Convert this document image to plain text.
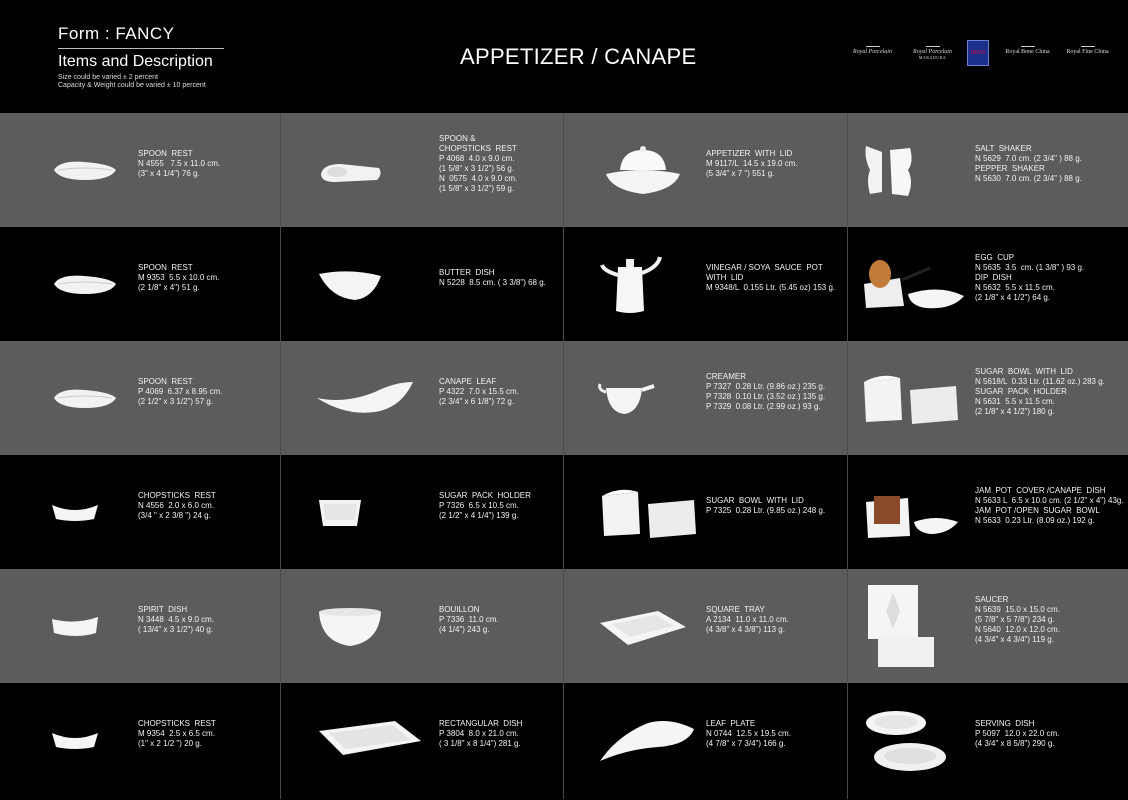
Form : FANCY
Items and Description
Size could be varied ± 2 percent
Capacity & Weight could be varied ± 10 percent
APPETIZER / CANAPE	Royal Porcelain	Royal Porcelain
MARADURA
DEVO	Royal Bone China	Royal Fine China
SPOON  REST
N 4555   7.5 x 11.0 cm.
(3" x 4 1/4") 76 g.
SPOON &
CHOPSTICKS  REST
P 4068  4.0 x 9.0 cm.
(1 5/8" x 3 1/2") 56 g.
N  0575  4.0 x 9.0 cm.
(1 5/8" x 3 1/2") 59 g.
APPETIZER  WITH  LID
M 9117/L  14.5 x 19.0 cm.
(5 3/4" x 7 ") 551 g.
SALT  SHAKER
N 5629  7.0 cm. (2 3/4" ) 88 g.
PEPPER  SHAKER
N 5630  7.0 cm. (2 3/4" ) 88 g.
SPOON  REST
M 9353  5.5 x 10.0 cm.
(2 1/8" x 4") 51 g.
BUTTER  DISH
N 5228  8.5 cm. ( 3 3/8") 68 g.
VINEGAR / SOYA  SAUCE  POT
WITH  LID
M 9348/L  0.155 Ltr. (5.45 oz) 153 g.
EGG  CUP
N 5635  3.5  cm. (1 3/8" ) 93 g.
DIP  DISH
N 5632  5.5 x 11.5 cm.
(2 1/8" x 4 1/2") 64 g.
SPOON  REST
P 4069  6.37 x 8.95 cm.
(2 1/2" x 3 1/2") 57 g.
CANAPE  LEAF
P 4322  7.0 x 15.5 cm.
(2 3/4" x 6 1/8") 72 g.
CREAMER
P 7327  0.28 Ltr. (9.86 oz.) 235 g.
P 7328  0.10 Ltr. (3.52 oz.) 135 g.
P 7329  0.08 Ltr. (2.99 oz.) 93 g.
SUGAR  BOWL  WITH  LID
N 5618/L  0.33 Ltr. (11.62 oz.) 283 g.
SUGAR  PACK  HOLDER
N 5631  5.5 x 11.5 cm.
(2 1/8" x 4 1/2") 180 g.
CHOPSTICKS  REST
N 4556  2.0 x 6.0 cm.
(3/4 " x 2 3/8 ") 24 g.
SUGAR  PACK  HOLDER
P 7326  6.5 x 10.5 cm.
(2 1/2" x 4 1/4") 139 g.
SUGAR  BOWL  WITH  LID
P 7325  0.28 Ltr. (9.85 oz.) 248 g.
JAM  POT  COVER /CANAPE  DISH
N 5633 L  6.5 x 10.0 cm. (2 1/2" x 4") 43g.
JAM  POT /OPEN  SUGAR  BOWL
N 5633  0.23 Ltr. (8.09 oz.) 192 g.
SPIRIT  DISH
N 3448  4.5 x 9.0 cm.
( 13/4" x 3 1/2") 40 g.
BOUILLON
P 7336  11.0 cm.
(4 1/4") 243 g.
SQUARE  TRAY
A 2134  11.0 x 11.0 cm.
(4 3/8" x 4 3/8") 113 g.
SAUCER
N 5639  15.0 x 15.0 cm.
(5 7/8" x 5 7/8") 234 g.
N 5640  12.0 x 12.0 cm.
(4 3/4" x 4 3/4") 119 g.
CHOPSTICKS  REST
M 9354  2.5 x 6.5 cm.
(1" x 2 1/2 ") 20 g.
RECTANGULAR  DISH
P 3804  8.0 x 21.0 cm.
( 3 1/8" x 8 1/4") 281 g.
LEAF  PLATE
N 0744  12.5 x 19.5 cm.
(4 7/8" x 7 3/4") 166 g.
SERVING  DISH
P 5097  12.0 x 22.0 cm.
(4 3/4" x 8 5/8") 290 g.
